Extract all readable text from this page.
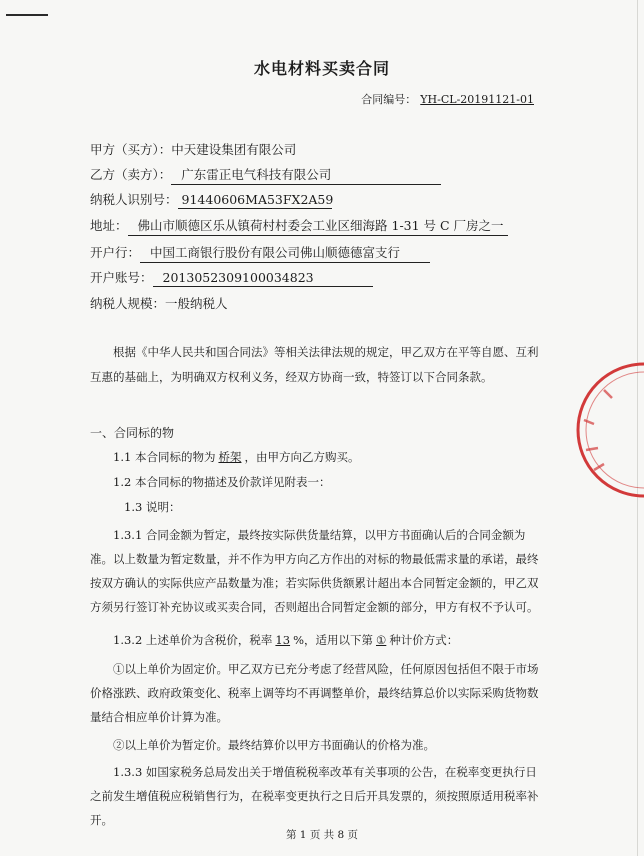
水电材料买卖合同
合同编号： YH-CL-20191121-01
甲方（买方）：中天建设集团有限公司
乙方（卖方）： 广东雷正电气科技有限公司
纳税人识别号： 91440606MA53FX2A59
地址： 佛山市顺德区乐从镇荷村村委会工业区细海路 1-31 号 C 厂房之一
开户行： 中国工商银行股份有限公司佛山顺德德富支行
开户账号： 2013052309100034823
纳税人规模：一般纳税人
根据《中华人民共和国合同法》等相关法律法规的规定，甲乙双方在平等自愿、互利互惠的基础上，为明确双方权利义务，经双方协商一致，特签订以下合同条款。
一、合同标的物
1.1 本合同标的物为 桥架 ，由甲方向乙方购买。
1.2 本合同标的物描述及价款详见附表一：
1.3 说明：
1.3.1 合同金额为暂定，最终按实际供货量结算，以甲方书面确认后的合同金额为准。以上数量为暂定数量，并不作为甲方向乙方作出的对标的物最低需求量的承诺，最终按双方确认的实际供应产品数量为准；若实际供货额累计超出本合同暂定金额的，甲乙双方须另行签订补充协议或买卖合同，否则超出合同暂定金额的部分，甲方有权不予认可。
1.3.2 上述单价为含税价，税率 13 %，适用以下第 ① 种计价方式：
①以上单价为固定价。甲乙双方已充分考虑了经营风险，任何原因包括但不限于市场价格涨跌、政府政策变化、税率上调等均不再调整单价，最终结算总价以实际采购货物数量结合相应单价计算为准。
②以上单价为暂定价。最终结算价以甲方书面确认的价格为准。
1.3.3 如国家税务总局发出关于增值税税率改革有关事项的公告，在税率变更执行日之前发生增值税应税销售行为，在税率变更执行之日后开具发票的，须按照原适用税率补开。
第 1 页 共 8 页
